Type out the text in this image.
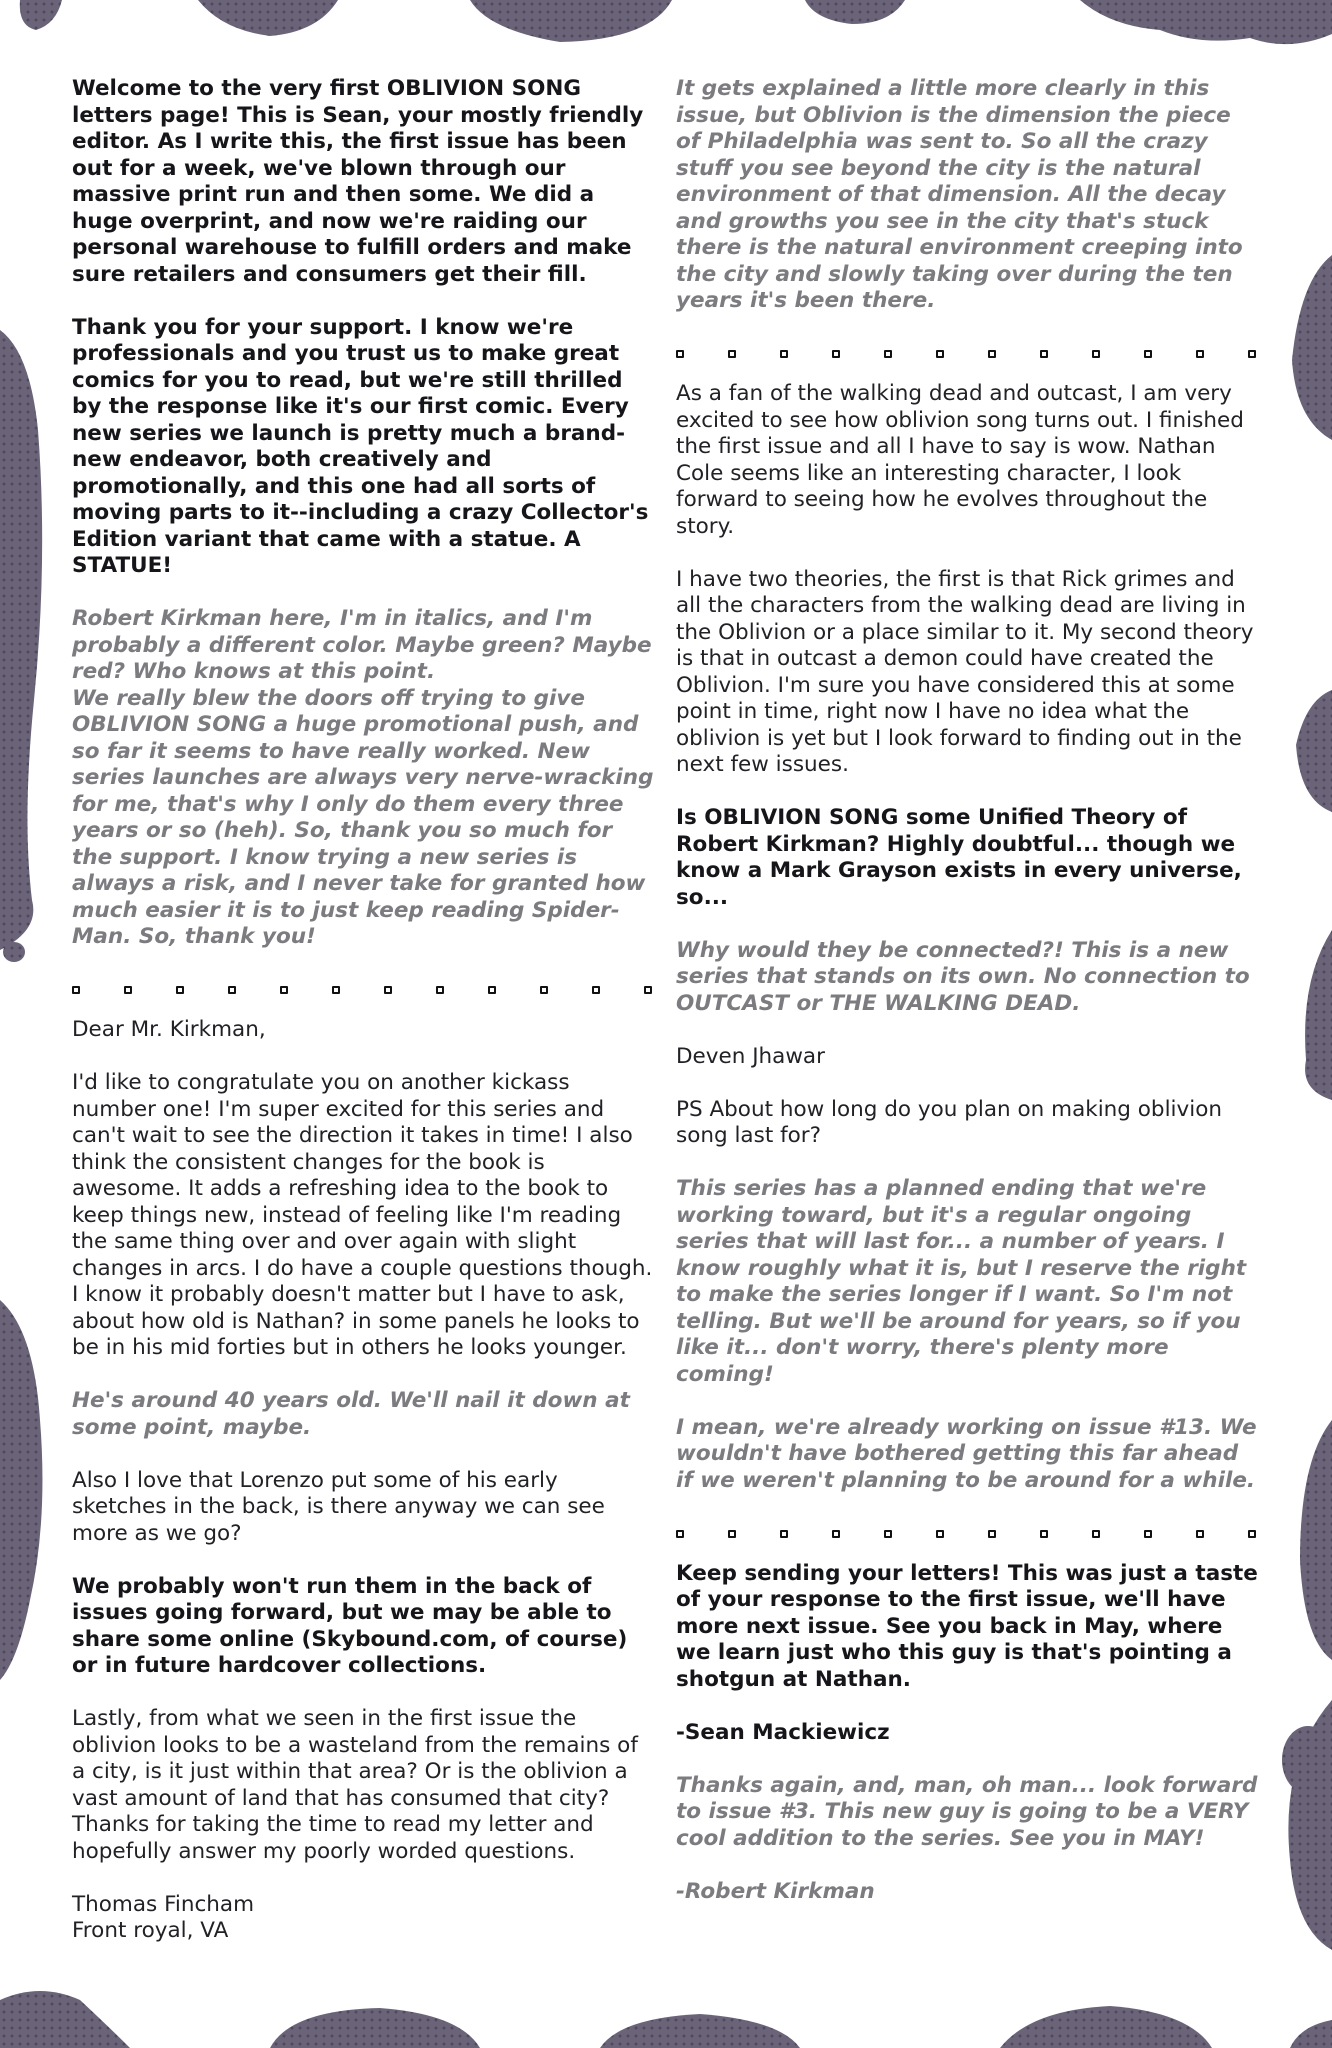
Welcome to the very first OBLIVION SONG letters page! This is Sean, your mostly friendly editor. As I write this, the first issue has been out for a week, we've blown through our massive print run and then some. We did a huge overprint, and now we're raiding our personal warehouse to fulfill orders and make sure retailers and consumers get their fill.

Thank you for your support. I know we're professionals and you trust us to make great comics for you to read, but we're still thrilled by the response like it's our first comic. Every new series we launch is pretty much a brand-new endeavor, both creatively and promotionally, and this one had all sorts of moving parts to it--including a crazy Collector's Edition variant that came with a statue. A STATUE!

Robert Kirkman here, I'm in italics, and I'm probably a different color. Maybe green? Maybe red? Who knows at this point.

We really blew the doors off trying to give OBLIVION SONG a huge promotional push, and so far it seems to have really worked. New series launches are always very nerve-wracking for me, that's why I only do them every three years or so (heh). So, thank you so much for the support. I know trying a new series is always a risk, and I never take for granted how much easier it is to just keep reading Spider-Man. So, thank you!

Dear Mr. Kirkman,

I'd like to congratulate you on another kickass number one! I'm super excited for this series and can't wait to see the direction it takes in time! I also think the consistent changes for the book is awesome. It adds a refreshing idea to the book to keep things new, instead of feeling like I'm reading the same thing over and over again with slight changes in arcs. I do have a couple questions though. I know it probably doesn't matter but I have to ask, about how old is Nathan? in some panels he looks to be in his mid forties but in others he looks younger.

He's around 40 years old. We'll nail it down at some point, maybe.

Also I love that Lorenzo put some of his early sketches in the back, is there anyway we can see more as we go?

We probably won't run them in the back of issues going forward, but we may be able to share some online (Skybound.com, of course) or in future hardcover collections.

Lastly, from what we seen in the first issue the oblivion looks to be a wasteland from the remains of a city, is it just within that area? Or is the oblivion a vast amount of land that has consumed that city? Thanks for taking the time to read my letter and hopefully answer my poorly worded questions.

Thomas Fincham

Front royal, VA

It gets explained a little more clearly in this issue, but Oblivion is the dimension the piece of Philadelphia was sent to. So all the crazy stuff you see beyond the city is the natural environment of that dimension. All the decay and growths you see in the city that's stuck there is the natural environment creeping into the city and slowly taking over during the ten years it's been there.

As a fan of the walking dead and outcast, I am very excited to see how oblivion song turns out. I finished the first issue and all I have to say is wow. Nathan Cole seems like an interesting character, I look forward to seeing how he evolves throughout the story.

I have two theories, the first is that Rick grimes and all the characters from the walking dead are living in the Oblivion or a place similar to it. My second theory is that in outcast a demon could have created the Oblivion. I'm sure you have considered this at some point in time, right now I have no idea what the oblivion is yet but I look forward to finding out in the next few issues.

Is OBLIVION SONG some Unified Theory of Robert Kirkman? Highly doubtful... though we know a Mark Grayson exists in every universe, so...

Why would they be connected?! This is a new series that stands on its own. No connection to OUTCAST or THE WALKING DEAD.

Deven Jhawar

PS About how long do you plan on making oblivion song last for?

This series has a planned ending that we're working toward, but it's a regular ongoing series that will last for... a number of years. I know roughly what it is, but I reserve the right to make the series longer if I want. So I'm not telling. But we'll be around for years, so if you like it... don't worry, there's plenty more coming!

I mean, we're already working on issue #13. We wouldn't have bothered getting this far ahead if we weren't planning to be around for a while.

Keep sending your letters! This was just a taste of your response to the first issue, we'll have more next issue. See you back in May, where we learn just who this guy is that's pointing a shotgun at Nathan.

-Sean Mackiewicz

Thanks again, and, man, oh man... look forward to issue #3. This new guy is going to be a VERY cool addition to the series. See you in MAY!

-Robert Kirkman
